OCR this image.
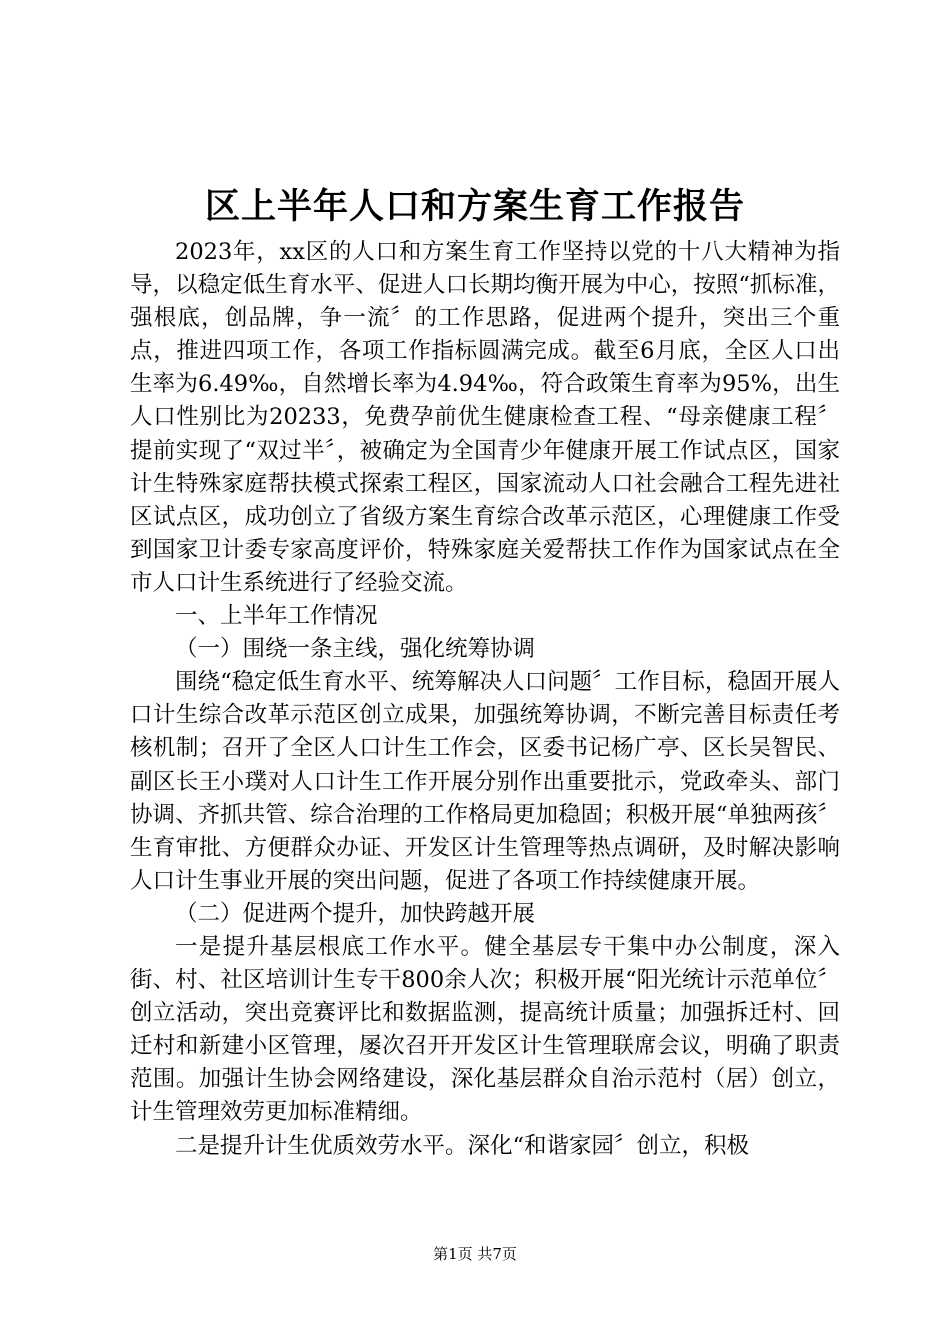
区上半年人口和方案生育工作报告

2023年，xx区的人口和方案生育工作坚持以党的十八大精神为指导，以稳定低生育水平、促进人口长期均衡开展为中心，按照“抓标准，强根底，创品牌，争一流〞的工作思路，促进两个提升，突出三个重点，推进四项工作，各项工作指标圆满完成。截至6月底，全区人口出生率为6.49‰，自然增长率为4.94‰，符合政策生育率为95%，出生人口性别比为20233，免费孕前优生健康检查工程、“母亲健康工程〞提前实现了“双过半〞，被确定为全国青少年健康开展工作试点区，国家计生特殊家庭帮扶模式探索工程区，国家流动人口社会融合工程先进社区试点区，成功创立了省级方案生育综合改革示范区，心理健康工作受到国家卫计委专家高度评价，特殊家庭关爱帮扶工作作为国家试点在全市人口计生系统进行了经验交流。

一、上半年工作情况

（一）围绕一条主线，强化统筹协调

围绕“稳定低生育水平、统筹解决人口问题〞工作目标，稳固开展人口计生综合改革示范区创立成果，加强统筹协调，不断完善目标责任考核机制；召开了全区人口计生工作会，区委书记杨广亭、区长吴智民、副区长王小璞对人口计生工作开展分别作出重要批示，党政牵头、部门协调、齐抓共管、综合治理的工作格局更加稳固；积极开展“单独两孩〞生育审批、方便群众办证、开发区计生管理等热点调研，及时解决影响人口计生事业开展的突出问题，促进了各项工作持续健康开展。

（二）促进两个提升，加快跨越开展

一是提升基层根底工作水平。健全基层专干集中办公制度，深入街、村、社区培训计生专干800余人次；积极开展“阳光统计示范单位〞创立活动，突出竞赛评比和数据监测，提高统计质量；加强拆迁村、回迁村和新建小区管理，屡次召开开发区计生管理联席会议，明确了职责范围。加强计生协会网络建设，深化基层群众自治示范村（居）创立，计生管理效劳更加标准精细。

二是提升计生优质效劳水平。深化“和谐家园〞创立，积极

第1页 共7页
